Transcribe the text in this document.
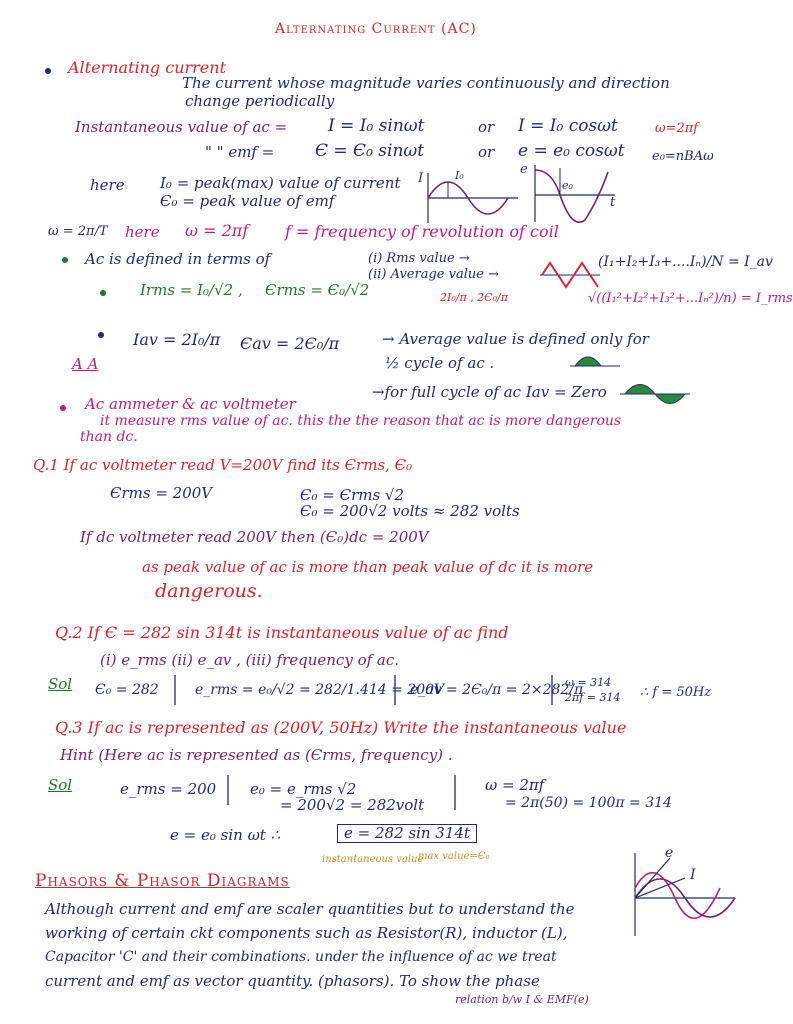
Alternating Current (AC)
Alternating current
The current whose magnitude varies continuously and direction
change periodically
Instantaneous value of ac = I = I₀ sinωt	or I = I₀ cosωt	ω=2πf
" " emf = Є = Є₀ sinωt	or e = e₀ cosωt e₀=nBAω
here I₀ = peak(max) value of current
Є₀ = peak value of emf
I	I₀	e
e₀
t
ω = 2π/T here ω = 2πf f = frequency of revolution of coil
Ac is defined in terms of	(i) Rms value →
(ii) Average value →
(I₁+I₂+I₃+....Iₙ)/N = I_av
Irms = I₀/√2 , Єrms = Є₀/√2	2I₀/π , 2Є₀/π	√((I₁²+I₂²+I₃²+...Iₙ²)/n) = I_rms
Iav = 2I₀/π Єav = 2Є₀/π	→ Average value is defined only for
½ cycle of ac .
A A
→for full cycle of ac Iav = Zero
Ac ammeter & ac voltmeter
it measure rms value of ac. this the the reason that ac is more dangerous
than dc.
Q.1 If ac voltmeter read V=200V find its Єrms, Є₀
Єrms = 200V	Є₀ = Єrms √2
Є₀ = 200√2 volts ≈ 282 volts
If dc voltmeter read 200V then (Є₀)dc = 200V
as peak value of ac is more than peak value of dc it is more
dangerous.
Q.2 If Є = 282 sin 314t is instantaneous value of ac find
(i) e_rms (ii) e_av , (iii) frequency of ac.
Sol Є₀ = 282	e_rms = e₀/√2 = 282/1.414 = 200V
e_av = 2Є₀/π = 2×282/π
ω = 314
2πf = 314 ∴ f = 50Hz
Q.3 If ac is represented as (200V, 50Hz) Write the instantaneous value
Hint (Here ac is represented as (Єrms, frequency) .
Sol	e_rms = 200 e₀ = e_rms √2
= 200√2 = 282volt
ω = 2πf
= 2π(50) = 100π = 314
e = e₀ sin ωt ∴	e = 282 sin 314t
instantaneous value
max value=Є₀
Phasors & Phasor Diagrams
Although current and emf are scaler quantities but to understand the
working of certain ckt components such as Resistor(R), inductor (L),
Capacitor 'C' and their combinations. under the influence of ac we treat
current and emf as vector quantity. (phasors). To show the phase
relation b/w I & EMF(e)
e
I
